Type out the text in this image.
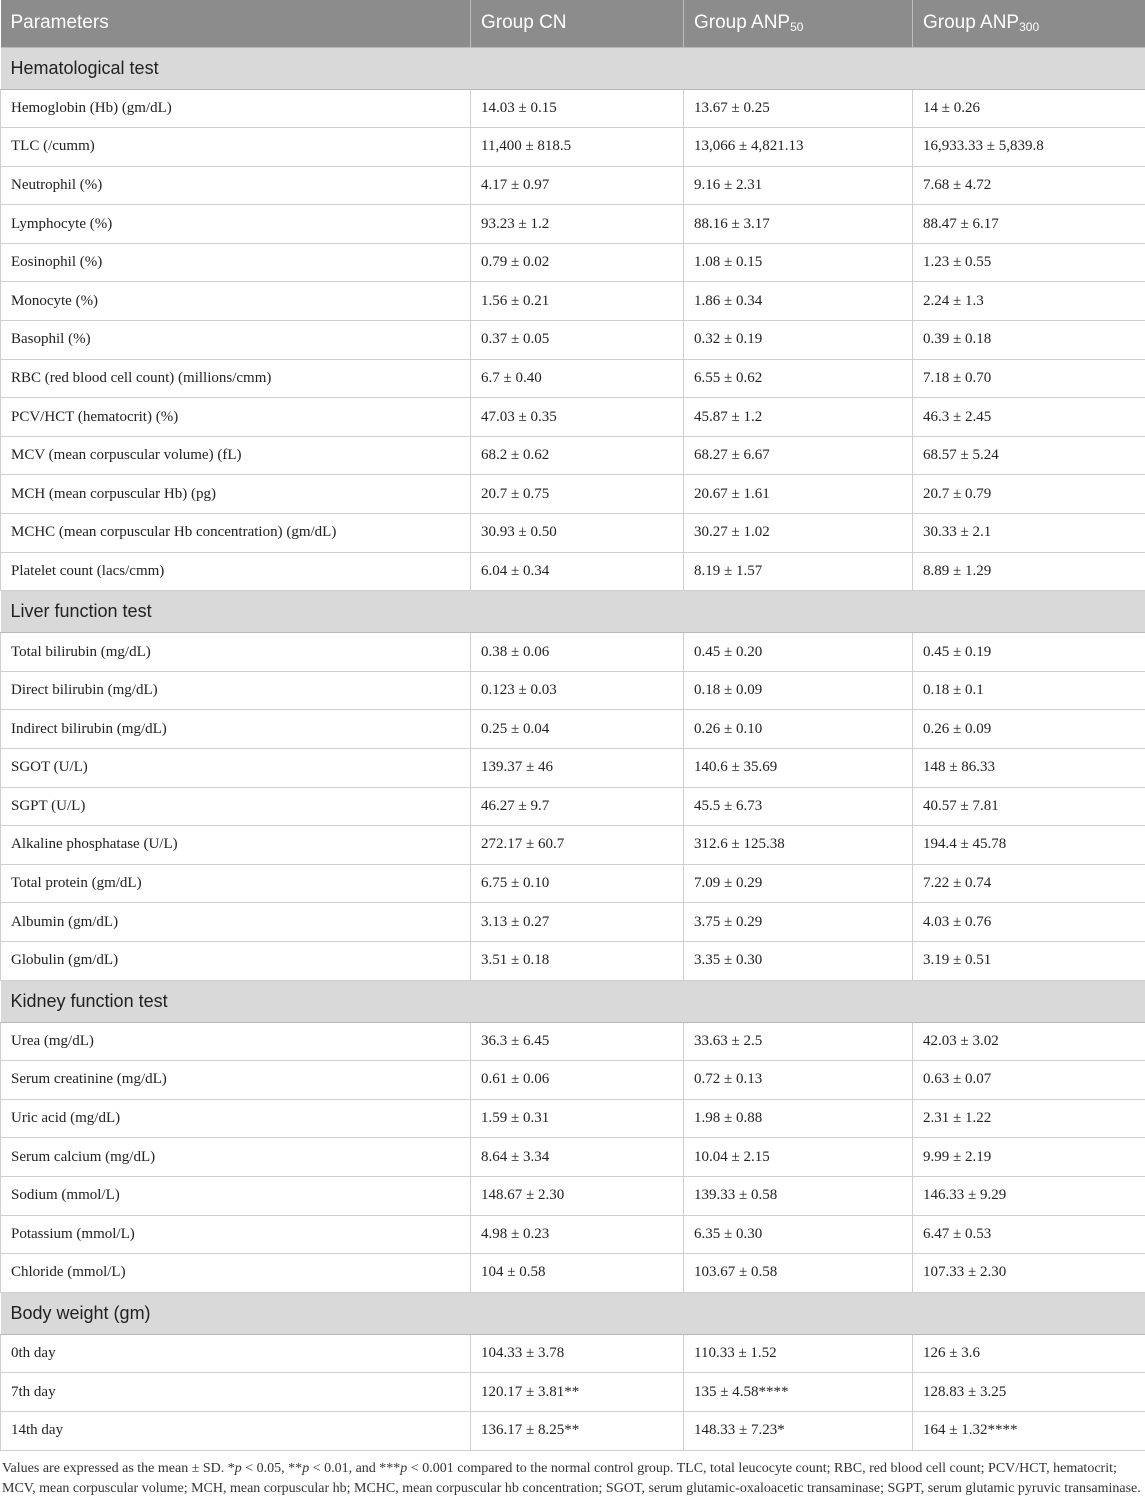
Parameters	Group CN	Group $ANP_{50}$	Group $ANP_{300}$
Hematological test			
Hemoglobin (Hb) (gm/dL)	14.03 ± 0.15	13.67 ± 0.25	14 ± 0.26
TLC (/cumm)	11,400 ± 818.5	13,066 ± 4,821.13	16,933.33 ± 5,839.8
Neutrophil (%)	4.17 ± 0.97	9.16 ± 2.31	7.68 ± 4.72
Lymphocyte (%)	93.23 ± 1.2	88.16 ± 3.17	88.47 ± 6.17
Eosinophil (%)	0.79 ± 0.02	1.08 ± 0.15	1.23 ± 0.55
Monocyte (%)	1.56 ± 0.21	1.86 ± 0.34	2.24 ± 1.3
Basophil (%)	0.37 ± 0.05	0.32 ± 0.19	0.39 ± 0.18
RBC (red blood cell count) (millions/cmm)	6.7 ± 0.40	6.55 ± 0.62	7.18 ± 0.70
PCV/HCT (hematocrit) (%)	47.03 ± 0.35	45.87 ± 1.2	46.3 ± 2.45
MCV (mean corpuscular volume) (fL)	68.2 ± 0.62	68.27 ± 6.67	68.57 ± 5.24
MCH (mean corpuscular Hb) (pg)	20.7 ± 0.75	20.67 ± 1.61	20.7 ± 0.79
MCHC (mean corpuscular Hb concentration) (gm/dL)	30.93 ± 0.50	30.27 ± 1.02	30.33 ± 2.1
Platelet count (lacs/cmm)	6.04 ± 0.34	8.19 ± 1.57	8.89 ± 1.29
Liver function test			
Total bilirubin (mg/dL)	0.38 ± 0.06	0.45 ± 0.20	0.45 ± 0.19
Direct bilirubin (mg/dL)	0.123 ± 0.03	0.18 ± 0.09	0.18 ± 0.1
Indirect bilirubin (mg/dL)	0.25 ± 0.04	0.26 ± 0.10	0.26 ± 0.09
SGOT (U/L)	139.37 ± 46	140.6 ± 35.69	148 ± 86.33
SGPT (U/L)	46.27 ± 9.7	45.5 ± 6.73	40.57 ± 7.81
Alkaline phosphatase (U/L)	272.17 ± 60.7	312.6 ± 125.38	194.4 ± 45.78
Total protein (gm/dL)	6.75 ± 0.10	7.09 ± 0.29	7.22 ± 0.74
Albumin (gm/dL)	3.13 ± 0.27	3.75 ± 0.29	4.03 ± 0.76
Globulin (gm/dL)	3.51 ± 0.18	3.35 ± 0.30	3.19 ± 0.51
Kidney function test			
Urea (mg/dL)	36.3 ± 6.45	33.63 ± 2.5	42.03 ± 3.02
Serum creatinine (mg/dL)	0.61 ± 0.06	0.72 ± 0.13	0.63 ± 0.07
Uric acid (mg/dL)	1.59 ± 0.31	1.98 ± 0.88	2.31 ± 1.22
Serum calcium (mg/dL)	8.64 ± 3.34	10.04 ± 2.15	9.99 ± 2.19
Sodium (mmol/L)	148.67 ± 2.30	139.33 ± 0.58	146.33 ± 9.29
Potassium (mmol/L)	4.98 ± 0.23	6.35 ± 0.30	6.47 ± 0.53
Chloride (mmol/L)	104 ± 0.58	103.67 ± 0.58	107.33 ± 2.30
Body weight (gm)			
0th day	104.33 ± 3.78	110.33 ± 1.52	126 ± 3.6
7th day	120.17 ± 3.81**	135 ± 4.58****	128.83 ± 3.25
14th day	136.17 ± 8.25**	148.33 ± 7.23*	164 ± 1.32****
Values are expressed as the mean ± SD. *p < 0.05, **p < 0.01, and ***p < 0.001 compared to the normal control group. TLC, total leucocyte count; RBC, red blood cell count; PCV/HCT, hematocrit; MCV, mean corpuscular volume; MCH, mean corpuscular hb; MCHC, mean corpuscular hb concentration; SGOT, serum glutamic-oxaloacetic transaminase; SGPT, serum glutamic pyruvic transaminase.
